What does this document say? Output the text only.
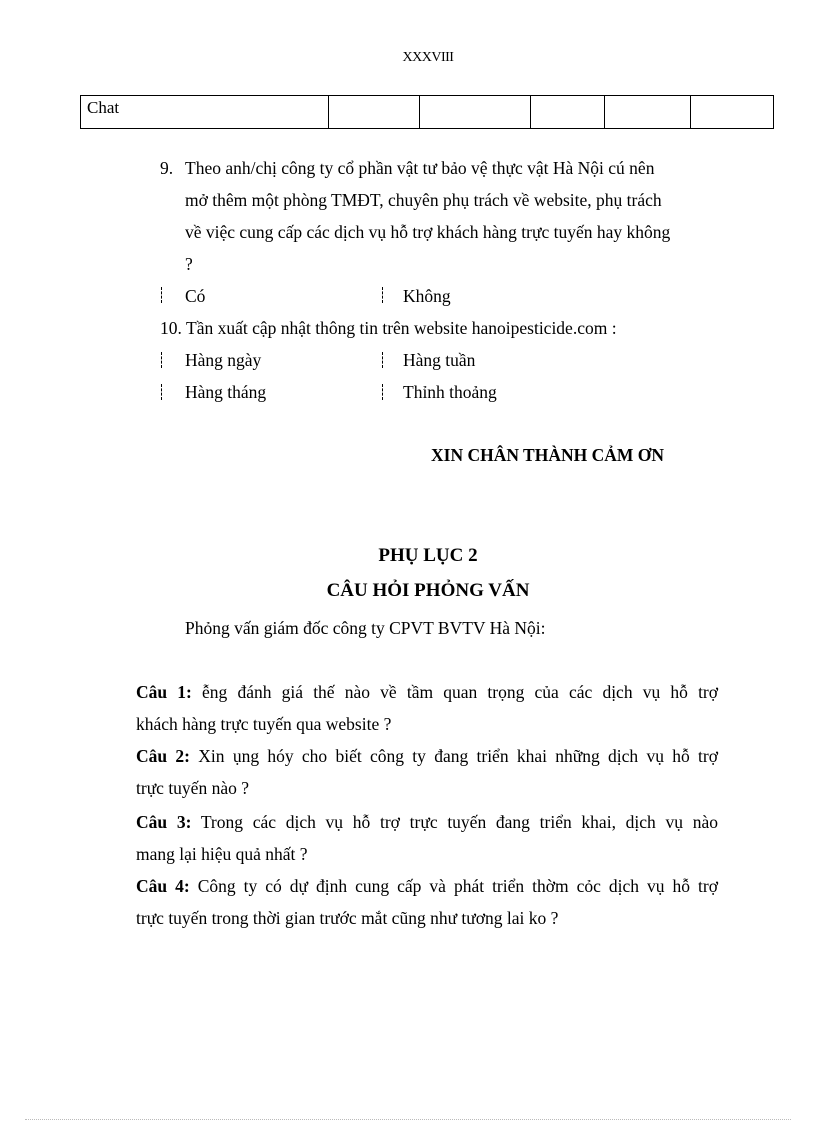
XXXVIII
Chat					
9. Theo anh/chị công ty cổ phần vật tư bảo vệ thực vật Hà Nội cú nên
mở thêm một phòng TMĐT, chuyên phụ trách về website, phụ trách
về việc cung cấp các dịch vụ hỗ trợ khách hàng trực tuyến hay không
?
Có	Không
10. Tần xuất cập nhật thông tin trên website hanoipesticide.com :
Hàng ngày	Hàng tuần
Hàng tháng	Thỉnh thoảng
XIN CHÂN THÀNH CẢM ƠN
PHỤ LỤC 2
CÂU HỎI PHỎNG VẤN
Phỏng vấn giám đốc công ty CPVT BVTV Hà Nội:
Câu 1: ễng đánh giá thế nào về tầm quan trọng của các dịch vụ hỗ trợ
khách hàng trực tuyến qua website ?
Câu 2: Xin ụng hóy cho biết công ty đang triển khai những dịch vụ hỗ trợ
trực tuyến nào ?
Câu 3: Trong các dịch vụ hỗ trợ trực tuyến đang triển khai, dịch vụ nào
mang lại hiệu quả nhất ?
Câu 4: Công ty có dự định cung cấp và phát triển thờm cỏc dịch vụ hỗ trợ
trực tuyến trong thời gian trước mắt cũng như tương lai ko ?
